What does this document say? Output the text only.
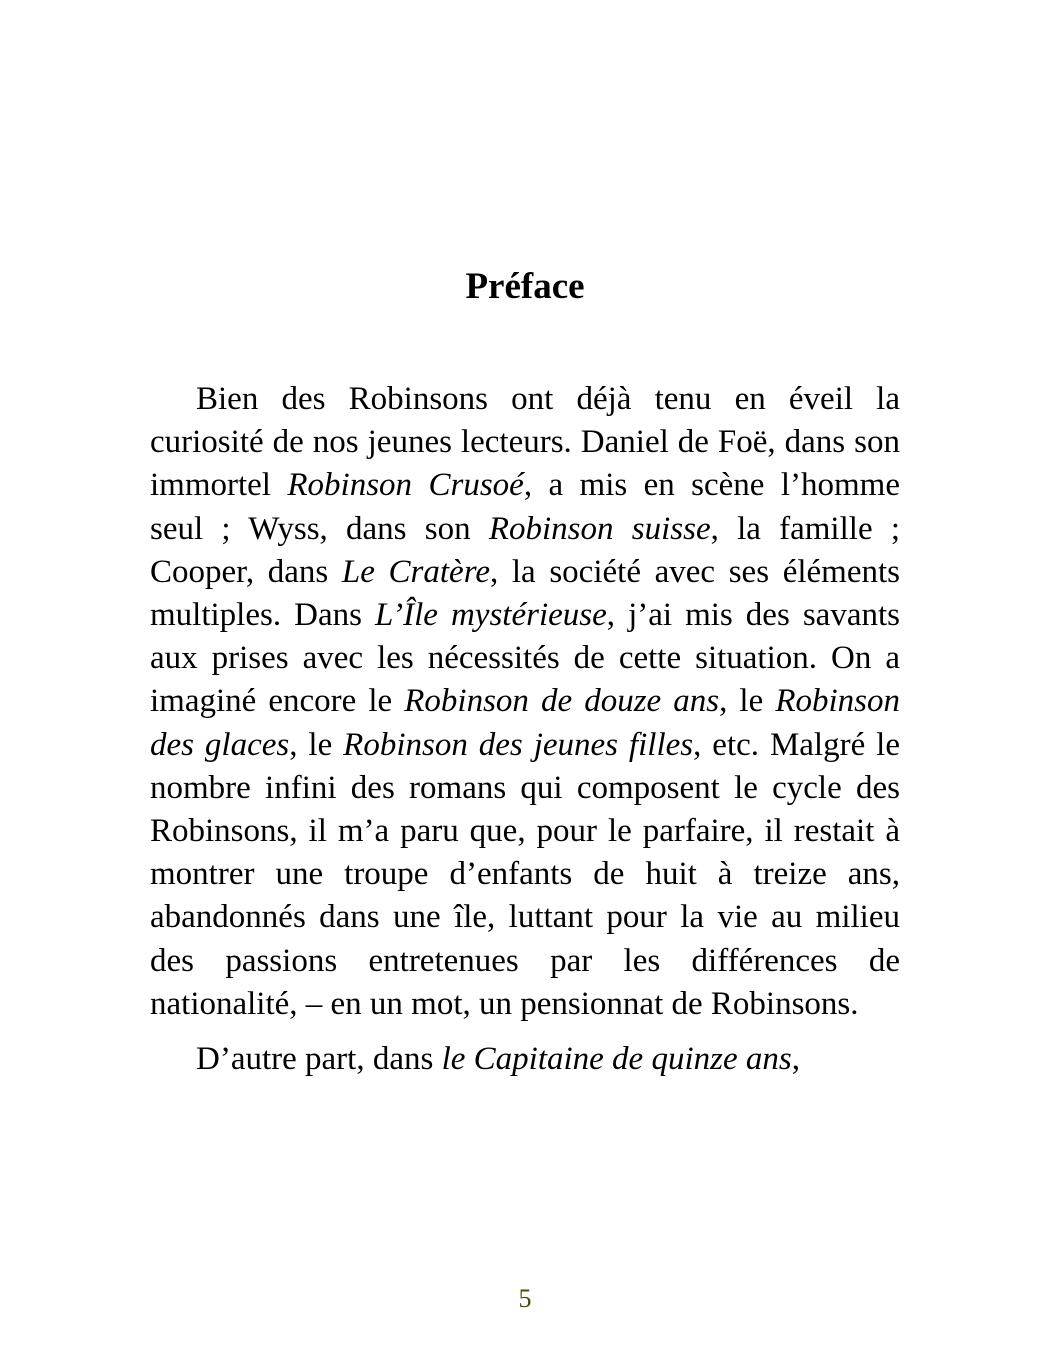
Préface

Bien des Robinsons ont déjà tenu en éveil la curiosité de nos jeunes lecteurs. Daniel de Foë, dans son immortel Robinson Crusoé, a mis en scène l’homme seul ; Wyss, dans son Robinson suisse, la famille ; Cooper, dans Le Cratère, la société avec ses éléments multiples. Dans L’Île mystérieuse, j’ai mis des savants aux prises avec les nécessités de cette situation. On a imaginé encore le Robinson de douze ans, le Robinson des glaces, le Robinson des jeunes filles, etc. Malgré le nombre infini des romans qui composent le cycle des Robinsons, il m’a paru que, pour le parfaire, il restait à montrer une troupe d’enfants de huit à treize ans, abandonnés dans une île, luttant pour la vie au milieu des passions entretenues par les différences de nationalité, – en un mot, un pensionnat de Robinsons.

D’autre part, dans le Capitaine de quinze ans,

5
